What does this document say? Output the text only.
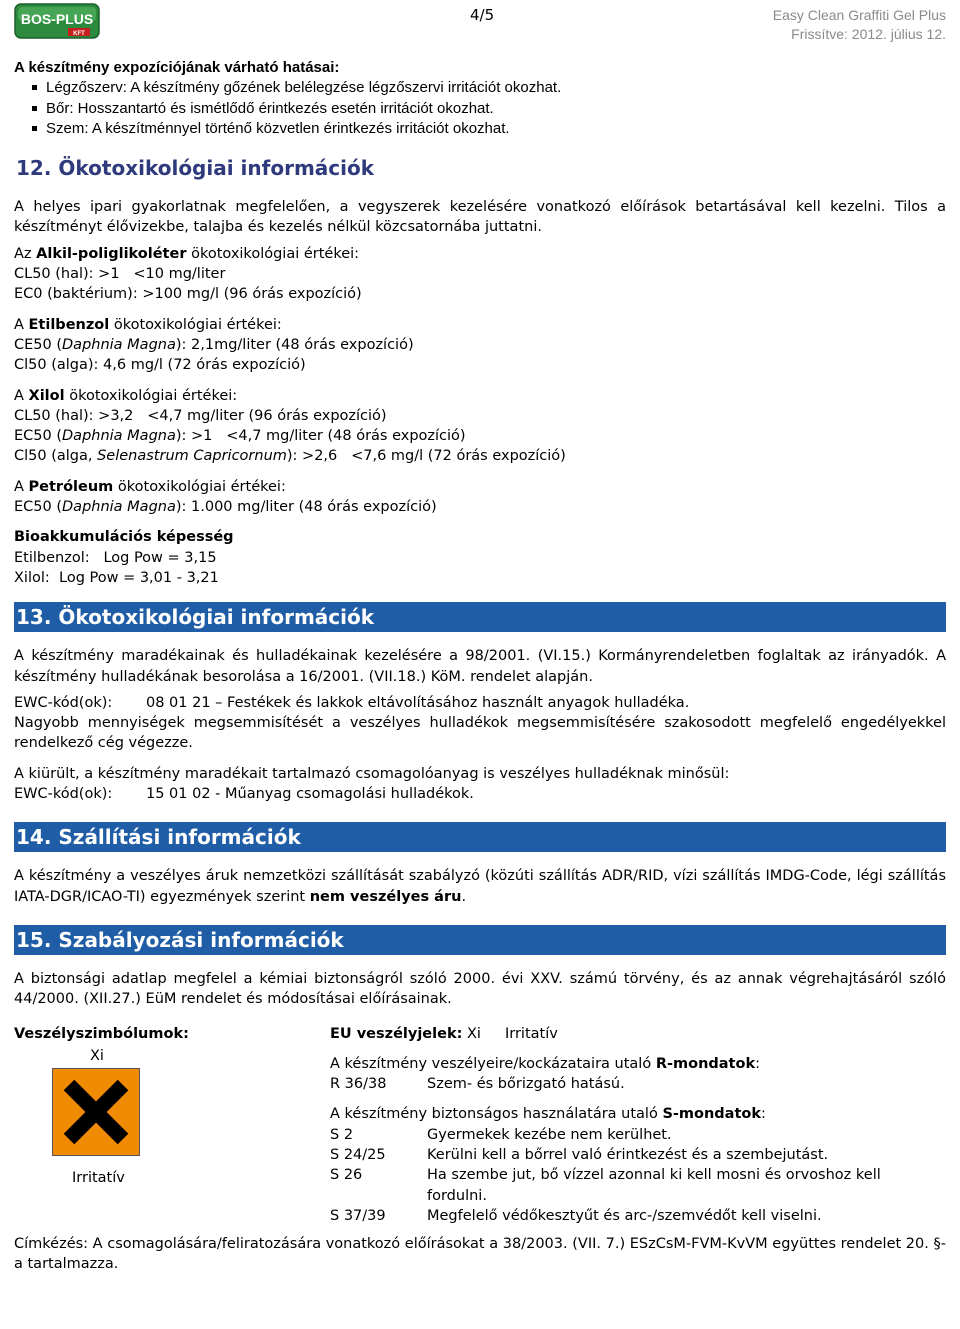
BOS-PLUS
KFT
4/5	Easy Clean Graffiti Gel Plus
Frissítve: 2012. július 12.

A készítmény expozíciójának várható hatásai:

Légzőszerv: A készítmény gőzének belélegzése légzőszervi irritációt okozhat.
Bőr: Hosszantartó és ismétlődő érintkezés esetén irritációt okozhat.
Szem: A készítménnyel történő közvetlen érintkezés irritációt okozhat.
12. Ökotoxikológiai információk

A helyes ipari gyakorlatnak megfelelően, a vegyszerek kezelésére vonatkozó előírások betartásával kell kezelni. Tilos a készítményt élővizekbe, talajba és kezelés nélkül közcsatornába juttatni.

Az Alkil-poliglikoléter ökotoxikológiai értékei:

CL50 (hal): >1   <10 mg/liter

EC0 (baktérium): >100 mg/l (96 órás expozíció)

A Etilbenzol ökotoxikológiai értékei:

CE50 (Daphnia Magna): 2,1mg/liter (48 órás expozíció)

Cl50 (alga): 4,6 mg/l (72 órás expozíció)

A Xilol ökotoxikológiai értékei:

CL50 (hal): >3,2   <4,7 mg/liter (96 órás expozíció)

EC50 (Daphnia Magna): >1   <4,7 mg/liter (48 órás expozíció)

Cl50 (alga, Selenastrum Capricornum): >2,6   <7,6 mg/l (72 órás expozíció)

A Petróleum ökotoxikológiai értékei:

EC50 (Daphnia Magna): 1.000 mg/liter (48 órás expozíció)

Bioakkumulációs képesség

Etilbenzol:   Log Pow = 3,15

Xilol:  Log Pow = 3,01 - 3,21

13. Ökotoxikológiai információk

A készítmény maradékainak és hulladékainak kezelésére a 98/2001. (VI.15.) Kormányrendeletben foglaltak az irányadók. A készítmény hulladékának besorolása a 16/2001. (VII.18.) KöM. rendelet alapján.

EWC-kód(ok): 08 01 21 – Festékek és lakkok eltávolításához használt anyagok hulladéka.

Nagyobb mennyiségek megsemmisítését a veszélyes hulladékok megsemmisítésére szakosodott megfelelő engedélyekkel rendelkező cég végezze.

A kiürült, a készítmény maradékait tartalmazó csomagolóanyag is veszélyes hulladéknak minősül:

EWC-kód(ok): 15 01 02 - Műanyag csomagolási hulladékok.

14. Szállítási információk

A készítmény a veszélyes áruk nemzetközi szállítását szabályzó (közúti szállítás ADR/RID, vízi szállítás IMDG-Code, légi szállítás IATA-DGR/ICAO-TI) egyezmények szerint nem veszélyes áru.

15. Szabályozási információk

A biztonsági adatlap megfelel a kémiai biztonságról szóló 2000. évi XXV. számú törvény, és az annak végrehajtásáról szóló 44/2000. (XII.27.) EüM rendelet és módosításai előírásainak.

Veszélyszimbólumok:

Xi
Irritatív

EU veszélyjelek: Xi Irritatív

A készítmény veszélyeire/kockázataira utaló R-mondatok:

R 36/38	Szem- és bőrizgató hatású.

A készítmény biztonságos használatára utaló S-mondatok:

S 2	Gyermekek kezébe nem kerülhet.

S 24/25	Kerülni kell a bőrrel való érintkezést és a szembejutást.

S 26	Ha szembe jut, bő vízzel azonnal ki kell mosni és orvoshoz kell fordulni.

S 37/39	Megfelelő védőkesztyűt és arc-/szemvédőt kell viselni.

Címkézés: A csomagolására/feliratozására vonatkozó előírásokat a 38/2003. (VII. 7.) ESzCsM-FVM-KvVM együttes rendelet 20. §-a tartalmazza.
